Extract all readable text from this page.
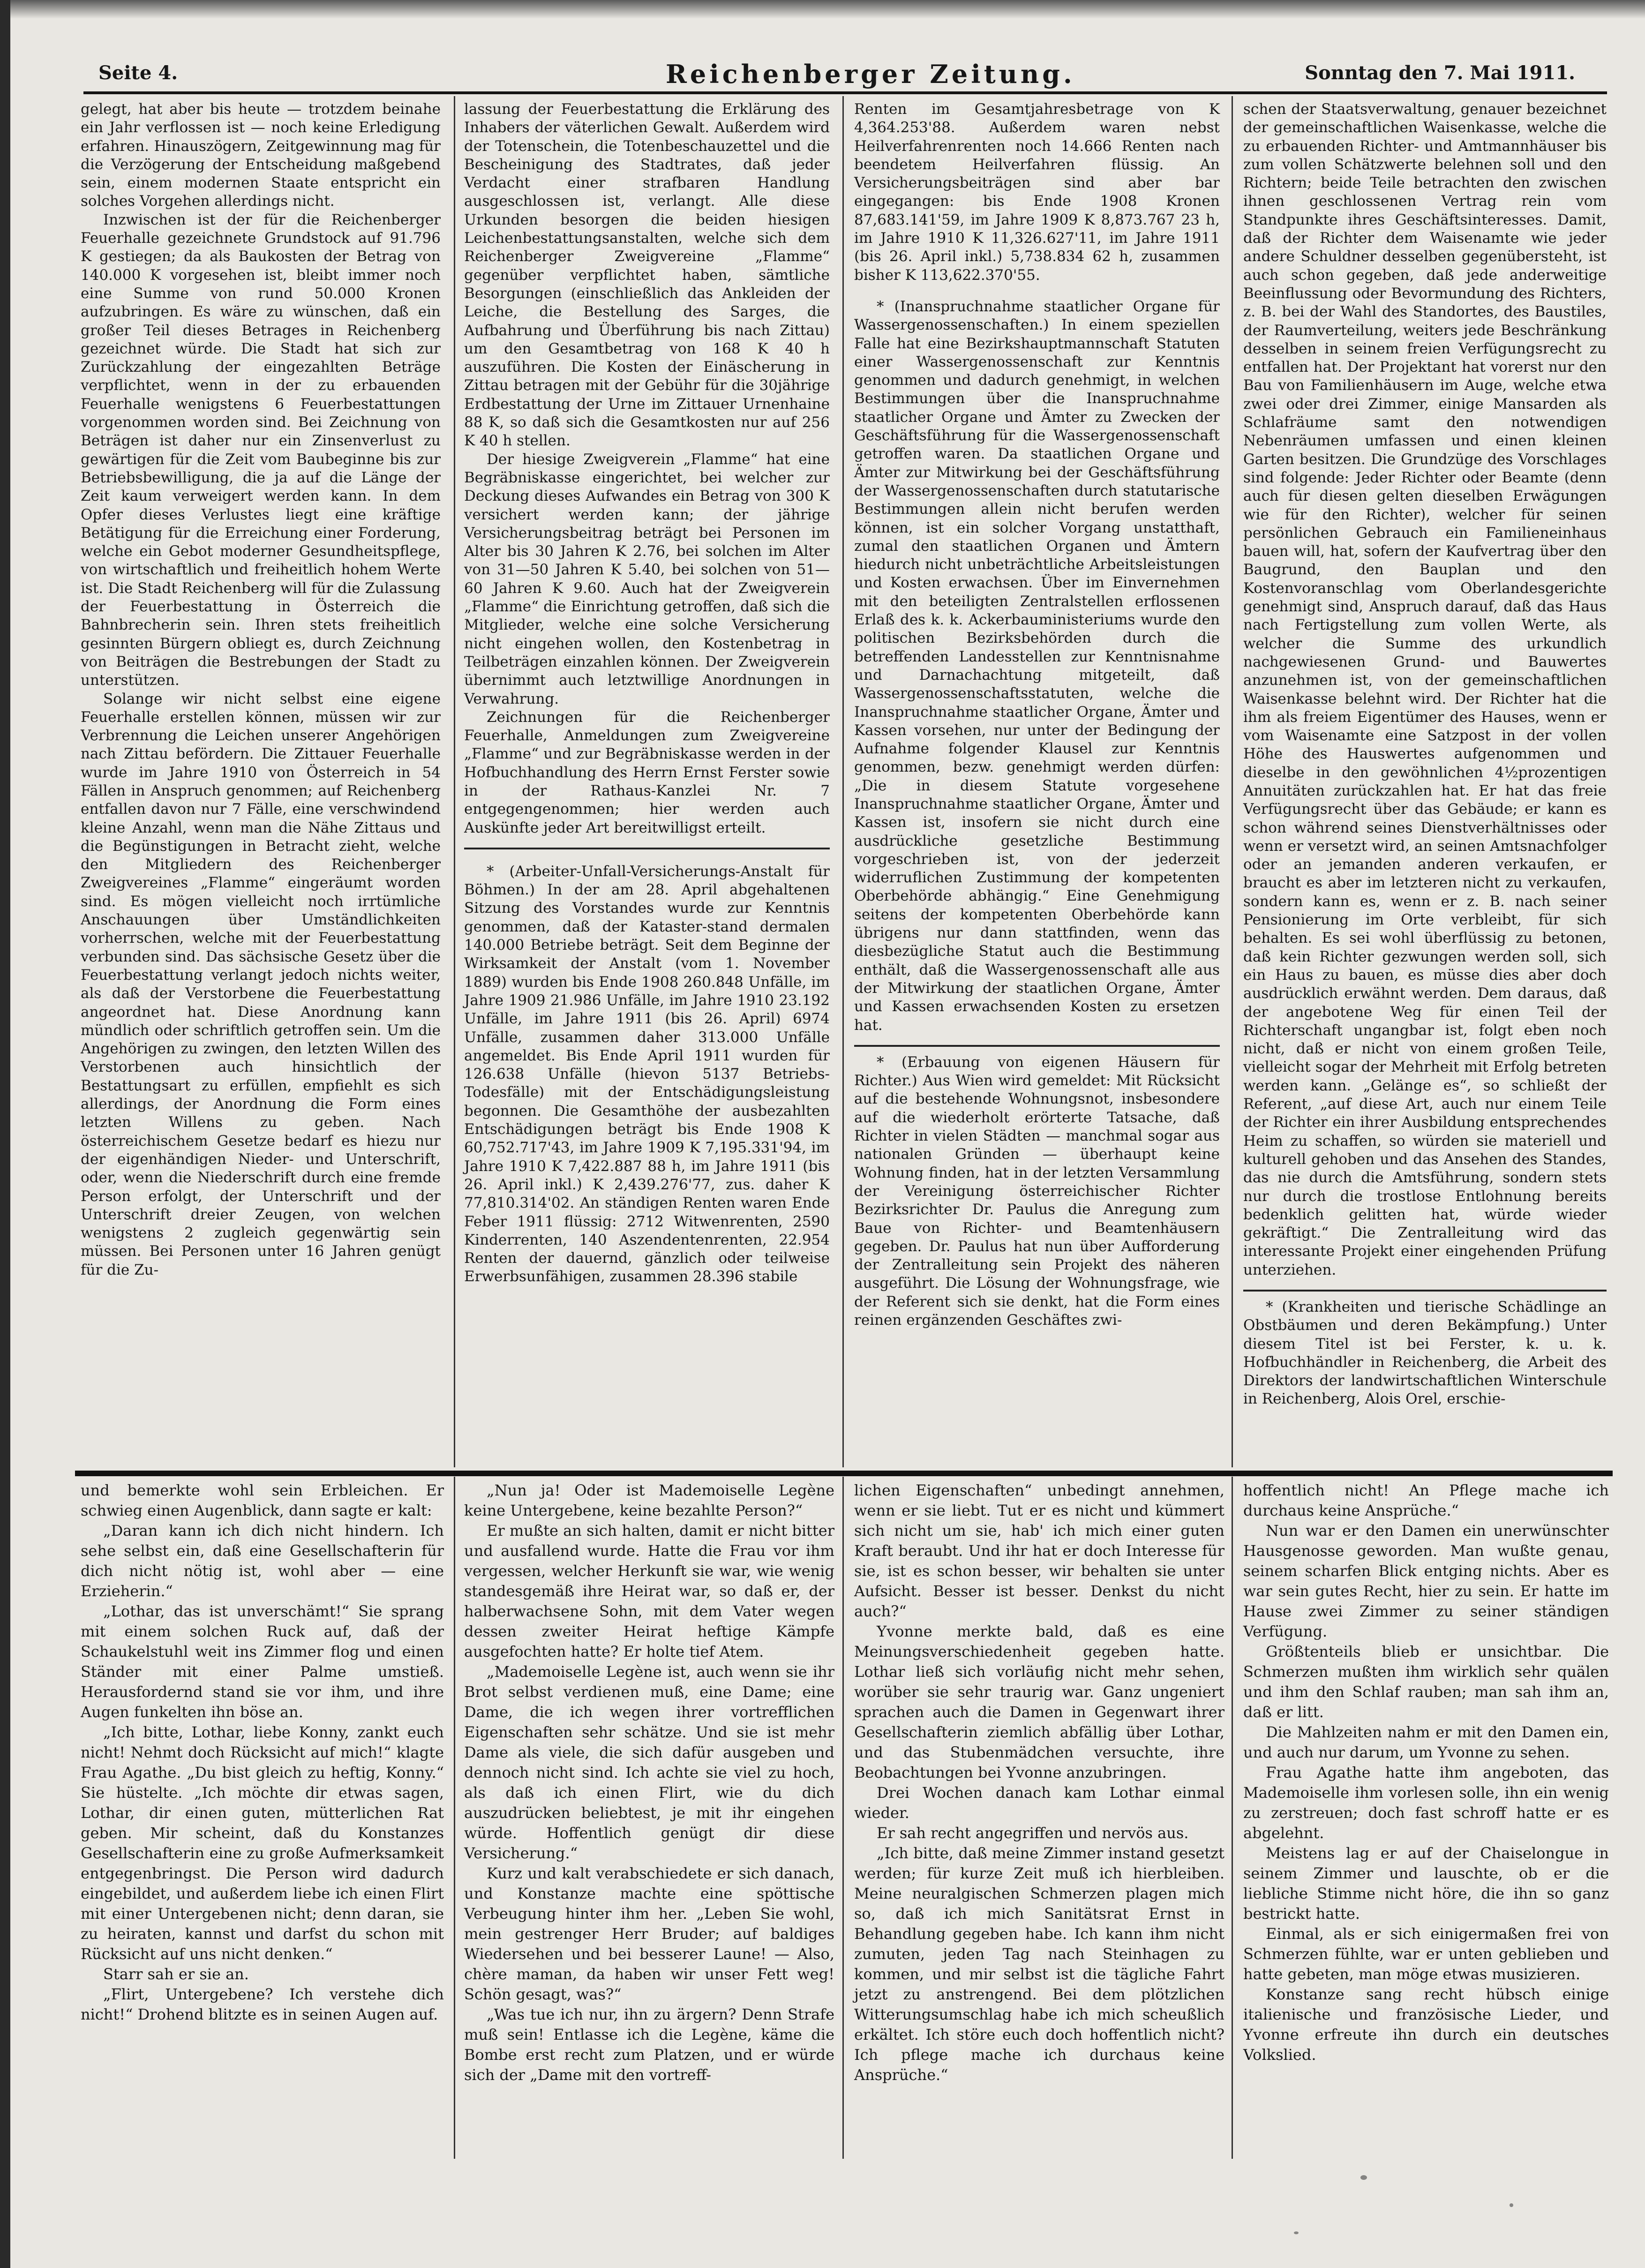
Seite 4.	Reichenberger Zeitung.	Sonntag den 7. Mai 1911.

gelegt, hat aber bis heute — trotzdem beinahe ein Jahr verflossen ist — noch keine Erledigung erfahren. Hinauszögern, Zeitgewinnung mag für die Verzögerung der Entscheidung maßgebend sein, einem modernen Staate entspricht ein solches Vorgehen allerdings nicht.

Inzwischen ist der für die Reichenberger Feuerhalle gezeichnete Grundstock auf 91.796 K gestiegen; da als Baukosten der Betrag von 140.000 K vorgesehen ist, bleibt immer noch eine Summe von rund 50.000 Kronen aufzubringen. Es wäre zu wünschen, daß ein großer Teil dieses Betrages in Reichenberg gezeichnet würde. Die Stadt hat sich zur Zurückzahlung der eingezahlten Beträge verpflichtet, wenn in der zu erbauenden Feuerhalle wenigstens 6 Feuerbestattungen vorgenommen worden sind. Bei Zeichnung von Beträgen ist daher nur ein Zinsenverlust zu gewärtigen für die Zeit vom Baubeginne bis zur Betriebsbewilligung, die ja auf die Länge der Zeit kaum verweigert werden kann. In dem Opfer dieses Verlustes liegt eine kräftige Betätigung für die Erreichung einer Forderung, welche ein Gebot moderner Gesundheitspflege, von wirtschaftlich und freiheitlich hohem Werte ist. Die Stadt Reichenberg will für die Zulassung der Feuerbestattung in Österreich die Bahnbrecherin sein. Ihren stets freiheitlich gesinnten Bürgern obliegt es, durch Zeichnung von Beiträgen die Bestrebungen der Stadt zu unterstützen.

Solange wir nicht selbst eine eigene Feuerhalle erstellen können, müssen wir zur Verbrennung die Leichen unserer Angehörigen nach Zittau befördern. Die Zittauer Feuerhalle wurde im Jahre 1910 von Österreich in 54 Fällen in Anspruch genommen; auf Reichenberg entfallen davon nur 7 Fälle, eine verschwindend kleine Anzahl, wenn man die Nähe Zittaus und die Begünstigungen in Betracht zieht, welche den Mitgliedern des Reichenberger Zweigvereines „Flamme“ eingeräumt worden sind. Es mögen vielleicht noch irrtümliche Anschauungen über Umständlichkeiten vorherrschen, welche mit der Feuerbestattung verbunden sind. Das sächsische Gesetz über die Feuerbestattung verlangt jedoch nichts weiter, als daß der Verstorbene die Feuerbestattung angeordnet hat. Diese Anordnung kann mündlich oder schriftlich getroffen sein. Um die Angehörigen zu zwingen, den letzten Willen des Verstorbenen auch hinsichtlich der Bestattungsart zu erfüllen, empfiehlt es sich allerdings, der Anordnung die Form eines letzten Willens zu geben. Nach österreichischem Gesetze bedarf es hiezu nur der eigenhändigen Nieder- und Unterschrift, oder, wenn die Niederschrift durch eine fremde Person erfolgt, der Unterschrift und der Unterschrift dreier Zeugen, von welchen wenigstens 2 zugleich gegenwärtig sein müssen. Bei Personen unter 16 Jahren genügt für die Zu-

lassung der Feuerbestattung die Erklärung des Inhabers der väterlichen Gewalt. Außerdem wird der Totenschein, die Totenbeschauzettel und die Bescheinigung des Stadtrates, daß jeder Verdacht einer strafbaren Handlung ausgeschlossen ist, verlangt. Alle diese Urkunden besorgen die beiden hiesigen Leichenbestattungsanstalten, welche sich dem Reichenberger Zweigvereine „Flamme“ gegenüber verpflichtet haben, sämtliche Besorgungen (einschließlich das Ankleiden der Leiche, die Bestellung des Sarges, die Aufbahrung und Überführung bis nach Zittau) um den Gesamtbetrag von 168 K 40 h auszuführen. Die Kosten der Einäscherung in Zittau betragen mit der Gebühr für die 30jährige Erdbestattung der Urne im Zittauer Urnenhaine 88 K, so daß sich die Gesamtkosten nur auf 256 K 40 h stellen.

Der hiesige Zweigverein „Flamme“ hat eine Begräbniskasse eingerichtet, bei welcher zur Deckung dieses Aufwandes ein Betrag von 300 K versichert werden kann; der jährige Versicherungsbeitrag beträgt bei Personen im Alter bis 30 Jahren K 2.76, bei solchen im Alter von 31—50 Jahren K 5.40, bei solchen von 51—60 Jahren K 9.60. Auch hat der Zweigverein „Flamme“ die Einrichtung getroffen, daß sich die Mitglieder, welche eine solche Versicherung nicht eingehen wollen, den Kostenbetrag in Teilbeträgen einzahlen können. Der Zweigverein übernimmt auch letztwillige Anordnungen in Verwahrung.

Zeichnungen für die Reichenberger Feuerhalle, Anmeldungen zum Zweigvereine „Flamme“ und zur Begräbniskasse werden in der Hofbuchhandlung des Herrn Ernst Ferster sowie in der Rathaus-Kanzlei Nr. 7 entgegengenommen; hier werden auch Auskünfte jeder Art bereitwilligst erteilt.

* (Arbeiter-Unfall-Versicherungs-Anstalt für Böhmen.) In der am 28. April abgehaltenen Sitzung des Vorstandes wurde zur Kenntnis genommen, daß der Kataster-stand dermalen 140.000 Betriebe beträgt. Seit dem Beginne der Wirksamkeit der Anstalt (vom 1. November 1889) wurden bis Ende 1908 260.848 Unfälle, im Jahre 1909 21.986 Unfälle, im Jahre 1910 23.192 Unfälle, im Jahre 1911 (bis 26. April) 6974 Unfälle, zusammen daher 313.000 Unfälle angemeldet. Bis Ende April 1911 wurden für 126.638 Unfälle (hievon 5137 Betriebs-Todesfälle) mit der Entschädigungsleistung begonnen. Die Gesamthöhe der ausbezahlten Entschädigungen beträgt bis Ende 1908 K 60,752.717'43, im Jahre 1909 K 7,195.331'94, im Jahre 1910 K 7,422.887 88 h, im Jahre 1911 (bis 26. April inkl.) K 2,439.276'77, zus. daher K 77,810.314'02. An ständigen Renten waren Ende Feber 1911 flüssig: 2712 Witwenrenten, 2590 Kinderrenten, 140 Aszendentenrenten, 22.954 Renten der dauernd, gänzlich oder teilweise Erwerbsunfähigen, zusammen 28.396 stabile

Renten im Gesamtjahresbetrage von K 4,364.253'88. Außerdem waren nebst Heilverfahrenrenten noch 14.666 Renten nach beendetem Heilverfahren flüssig. An Versicherungsbeiträgen sind aber bar eingegangen: bis Ende 1908 Kronen 87,683.141'59, im Jahre 1909 K 8,873.767 23 h, im Jahre 1910 K 11,326.627'11, im Jahre 1911 (bis 26. April inkl.) 5,738.834 62 h, zusammen bisher K 113,622.370'55.

* (Inanspruchnahme staatlicher Organe für Wassergenossenschaften.) In einem speziellen Falle hat eine Bezirkshauptmannschaft Statuten einer Wassergenossenschaft zur Kenntnis genommen und dadurch genehmigt, in welchen Bestimmungen über die Inanspruchnahme staatlicher Organe und Ämter zu Zwecken der Geschäftsführung für die Wassergenossenschaft getroffen waren. Da staatlichen Organe und Ämter zur Mitwirkung bei der Geschäftsführung der Wassergenossenschaften durch statutarische Bestimmungen allein nicht berufen werden können, ist ein solcher Vorgang unstatthaft, zumal den staatlichen Organen und Ämtern hiedurch nicht unbeträchtliche Arbeitsleistungen und Kosten erwachsen. Über im Einvernehmen mit den beteiligten Zentralstellen erflossenen Erlaß des k. k. Ackerbauministeriums wurde den politischen Bezirksbehörden durch die betreffenden Landesstellen zur Kenntnisnahme und Darnachachtung mitgeteilt, daß Wassergenossenschaftsstatuten, welche die Inanspruchnahme staatlicher Organe, Ämter und Kassen vorsehen, nur unter der Bedingung der Aufnahme folgender Klausel zur Kenntnis genommen, bezw. genehmigt werden dürfen: „Die in diesem Statute vorgesehene Inanspruchnahme staatlicher Organe, Ämter und Kassen ist, insofern sie nicht durch eine ausdrückliche gesetzliche Bestimmung vorgeschrieben ist, von der jederzeit widerruflichen Zustimmung der kompetenten Oberbehörde abhängig.“ Eine Genehmigung seitens der kompetenten Oberbehörde kann übrigens nur dann stattfinden, wenn das diesbezügliche Statut auch die Bestimmung enthält, daß die Wassergenossenschaft alle aus der Mitwirkung der staatlichen Organe, Ämter und Kassen erwachsenden Kosten zu ersetzen hat.

* (Erbauung von eigenen Häusern für Richter.) Aus Wien wird gemeldet: Mit Rücksicht auf die bestehende Wohnungsnot, insbesondere auf die wiederholt erörterte Tatsache, daß Richter in vielen Städten — manchmal sogar aus nationalen Gründen — überhaupt keine Wohnung finden, hat in der letzten Versammlung der Vereinigung österreichischer Richter Bezirksrichter Dr. Paulus die Anregung zum Baue von Richter- und Beamtenhäusern gegeben. Dr. Paulus hat nun über Aufforderung der Zentralleitung sein Projekt des näheren ausgeführt. Die Lösung der Wohnungsfrage, wie der Referent sich sie denkt, hat die Form eines reinen ergänzenden Geschäftes zwi-

schen der Staatsverwaltung, genauer bezeichnet der gemeinschaftlichen Waisenkasse, welche die zu erbauenden Richter- und Amtmannhäuser bis zum vollen Schätzwerte belehnen soll und den Richtern; beide Teile betrachten den zwischen ihnen geschlossenen Vertrag rein vom Standpunkte ihres Geschäftsinteresses. Damit, daß der Richter dem Waisenamte wie jeder andere Schuldner desselben gegenübersteht, ist auch schon gegeben, daß jede anderweitige Beeinflussung oder Bevormundung des Richters, z. B. bei der Wahl des Standortes, des Baustiles, der Raumverteilung, weiters jede Beschränkung desselben in seinem freien Verfügungsrecht zu entfallen hat. Der Projektant hat vorerst nur den Bau von Familienhäusern im Auge, welche etwa zwei oder drei Zimmer, einige Mansarden als Schlafräume samt den notwendigen Nebenräumen umfassen und einen kleinen Garten besitzen. Die Grundzüge des Vorschlages sind folgende: Jeder Richter oder Beamte (denn auch für diesen gelten dieselben Erwägungen wie für den Richter), welcher für seinen persönlichen Gebrauch ein Familieneinhaus bauen will, hat, sofern der Kaufvertrag über den Baugrund, den Bauplan und den Kostenvoranschlag vom Oberlandesgerichte genehmigt sind, Anspruch darauf, daß das Haus nach Fertigstellung zum vollen Werte, als welcher die Summe des urkundlich nachgewiesenen Grund- und Bauwertes anzunehmen ist, von der gemeinschaftlichen Waisenkasse belehnt wird. Der Richter hat die ihm als freiem Eigentümer des Hauses, wenn er vom Waisenamte eine Satzpost in der vollen Höhe des Hauswertes aufgenommen und dieselbe in den gewöhnlichen 4½prozentigen Annuitäten zurückzahlen hat. Er hat das freie Verfügungsrecht über das Gebäude; er kann es schon während seines Dienstverhältnisses oder wenn er versetzt wird, an seinen Amtsnachfolger oder an jemanden anderen verkaufen, er braucht es aber im letzteren nicht zu verkaufen, sondern kann es, wenn er z. B. nach seiner Pensionierung im Orte verbleibt, für sich behalten. Es sei wohl überflüssig zu betonen, daß kein Richter gezwungen werden soll, sich ein Haus zu bauen, es müsse dies aber doch ausdrücklich erwähnt werden. Dem daraus, daß der angebotene Weg für einen Teil der Richterschaft ungangbar ist, folgt eben noch nicht, daß er nicht von einem großen Teile, vielleicht sogar der Mehrheit mit Erfolg betreten werden kann. „Gelänge es“, so schließt der Referent, „auf diese Art, auch nur einem Teile der Richter ein ihrer Ausbildung entsprechendes Heim zu schaffen, so würden sie materiell und kulturell gehoben und das Ansehen des Standes, das nie durch die Amtsführung, sondern stets nur durch die trostlose Entlohnung bereits bedenklich gelitten hat, würde wieder gekräftigt.“ Die Zentralleitung wird das interessante Projekt einer eingehenden Prüfung unterziehen.

* (Krankheiten und tierische Schädlinge an Obstbäumen und deren Bekämpfung.) Unter diesem Titel ist bei Ferster, k. u. k. Hofbuchhändler in Reichenberg, die Arbeit des Direktors der landwirtschaftlichen Winterschule in Reichenberg, Alois Orel, erschie-

und bemerkte wohl sein Erbleichen. Er schwieg einen Augenblick, dann sagte er kalt:

„Daran kann ich dich nicht hindern. Ich sehe selbst ein, daß eine Gesellschafterin für dich nicht nötig ist, wohl aber — eine Erzieherin.“

„Lothar, das ist unverschämt!“ Sie sprang mit einem solchen Ruck auf, daß der Schaukelstuhl weit ins Zimmer flog und einen Ständer mit einer Palme umstieß. Herausfordernd stand sie vor ihm, und ihre Augen funkelten ihn böse an.

„Ich bitte, Lothar, liebe Konny, zankt euch nicht! Nehmt doch Rücksicht auf mich!“ klagte Frau Agathe. „Du bist gleich zu heftig, Konny.“ Sie hüstelte. „Ich möchte dir etwas sagen, Lothar, dir einen guten, mütterlichen Rat geben. Mir scheint, daß du Konstanzes Gesellschafterin eine zu große Aufmerksamkeit entgegenbringst. Die Person wird dadurch eingebildet, und außerdem liebe ich einen Flirt mit einer Untergebenen nicht; denn daran, sie zu heiraten, kannst und darfst du schon mit Rücksicht auf uns nicht denken.“

Starr sah er sie an.

„Flirt, Untergebene? Ich verstehe dich nicht!“ Drohend blitzte es in seinen Augen auf.

„Nun ja! Oder ist Mademoiselle Legène keine Untergebene, keine bezahlte Person?“

Er mußte an sich halten, damit er nicht bitter und ausfallend wurde. Hatte die Frau vor ihm vergessen, welcher Herkunft sie war, wie wenig standesgemäß ihre Heirat war, so daß er, der halberwachsene Sohn, mit dem Vater wegen dessen zweiter Heirat heftige Kämpfe ausgefochten hatte? Er holte tief Atem.

„Mademoiselle Legène ist, auch wenn sie ihr Brot selbst verdienen muß, eine Dame; eine Dame, die ich wegen ihrer vortrefflichen Eigenschaften sehr schätze. Und sie ist mehr Dame als viele, die sich dafür ausgeben und dennoch nicht sind. Ich achte sie viel zu hoch, als daß ich einen Flirt, wie du dich auszudrücken beliebtest, je mit ihr eingehen würde. Hoffentlich genügt dir diese Versicherung.“

Kurz und kalt verabschiedete er sich danach, und Konstanze machte eine spöttische Verbeugung hinter ihm her. „Leben Sie wohl, mein gestrenger Herr Bruder; auf baldiges Wiedersehen und bei besserer Laune! — Also, chère maman, da haben wir unser Fett weg! Schön gesagt, was?“

„Was tue ich nur, ihn zu ärgern? Denn Strafe muß sein! Entlasse ich die Legène, käme die Bombe erst recht zum Platzen, und er würde sich der „Dame mit den vortreff-

lichen Eigenschaften“ unbedingt annehmen, wenn er sie liebt. Tut er es nicht und kümmert sich nicht um sie, hab' ich mich einer guten Kraft beraubt. Und ihr hat er doch Interesse für sie, ist es schon besser, wir behalten sie unter Aufsicht. Besser ist besser. Denkst du nicht auch?“

Yvonne merkte bald, daß es eine Meinungsverschiedenheit gegeben hatte. Lothar ließ sich vorläufig nicht mehr sehen, worüber sie sehr traurig war. Ganz ungeniert sprachen auch die Damen in Gegenwart ihrer Gesellschafterin ziemlich abfällig über Lothar, und das Stubenmädchen versuchte, ihre Beobachtungen bei Yvonne anzubringen.

Drei Wochen danach kam Lothar einmal wieder.

Er sah recht angegriffen und nervös aus.

„Ich bitte, daß meine Zimmer instand gesetzt werden; für kurze Zeit muß ich hierbleiben. Meine neuralgischen Schmerzen plagen mich so, daß ich mich Sanitätsrat Ernst in Behandlung gegeben habe. Ich kann ihm nicht zumuten, jeden Tag nach Steinhagen zu kommen, und mir selbst ist die tägliche Fahrt jetzt zu anstrengend. Bei dem plötzlichen Witterungsumschlag habe ich mich scheußlich erkältet. Ich störe euch doch hoffentlich nicht? Ich pflege mache ich durchaus keine Ansprüche.“

hoffentlich nicht! An Pflege mache ich durchaus keine Ansprüche.“

Nun war er den Damen ein unerwünschter Hausgenosse geworden. Man wußte genau, seinem scharfen Blick entging nichts. Aber es war sein gutes Recht, hier zu sein. Er hatte im Hause zwei Zimmer zu seiner ständigen Verfügung.

Größtenteils blieb er unsichtbar. Die Schmerzen mußten ihm wirklich sehr quälen und ihm den Schlaf rauben; man sah ihm an, daß er litt.

Die Mahlzeiten nahm er mit den Damen ein, und auch nur darum, um Yvonne zu sehen.

Frau Agathe hatte ihm angeboten, das Mademoiselle ihm vorlesen solle, ihn ein wenig zu zerstreuen; doch fast schroff hatte er es abgelehnt.

Meistens lag er auf der Chaiselongue in seinem Zimmer und lauschte, ob er die liebliche Stimme nicht höre, die ihn so ganz bestrickt hatte.

Einmal, als er sich einigermaßen frei von Schmerzen fühlte, war er unten geblieben und hatte gebeten, man möge etwas musizieren.

Konstanze sang recht hübsch einige italienische und französische Lieder, und Yvonne erfreute ihn durch ein deutsches Volkslied.
